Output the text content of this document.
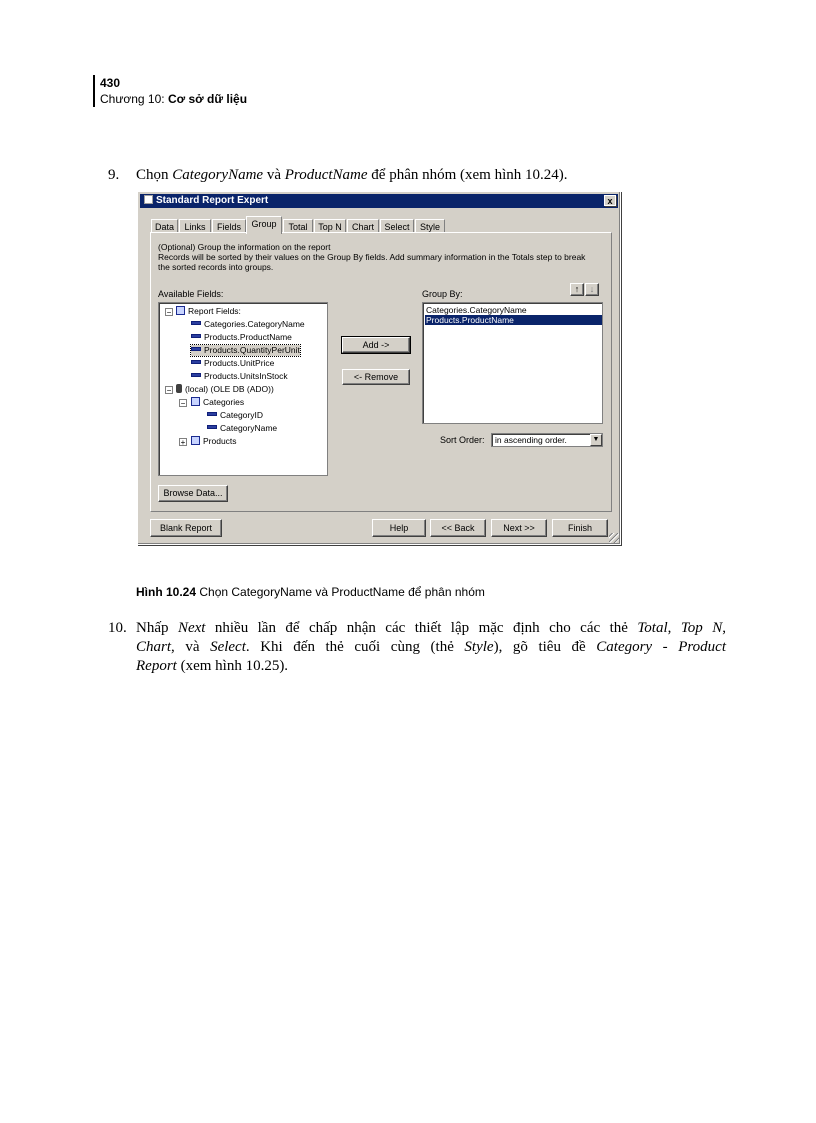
430
Chương 10: Cơ sở dữ liệu
9. Chọn CategoryName và ProductName để phân nhóm (xem hình 10.24).
Standard Report Expert	x
Data	Links	Fields	Group	Total	Top N	Chart	Select	Style
(Optional) Group the information on the report
Records will be sorted by their values on the Group By fields. Add summary information in the Totals step to break
the sorted records into groups.
Available Fields:	Group By:
−	Report Fields:
Categories.CategoryName
Products.ProductName
Products.QuantityPerUnit
Products.UnitPrice
Products.UnitsInStock
−	(local) (OLE DB (ADO))
−	Categories
CategoryID
CategoryName
+	Products
Add ->
<- Remove
↑	↓
Categories.CategoryName
Products.ProductName
Sort Order:	in ascending order.	▼
Browse Data...
Blank Report	Help	<< Back	Next >>	Finish
Hình 10.24 Chọn CategoryName và ProductName để phân nhóm
10. Nhấp Next nhiều lần để chấp nhận các thiết lập mặc định cho các thẻ Total, Top N,
Chart, và Select. Khi đến thẻ cuối cùng (thẻ Style), gõ tiêu đề Category - Product
Report (xem hình 10.25).
